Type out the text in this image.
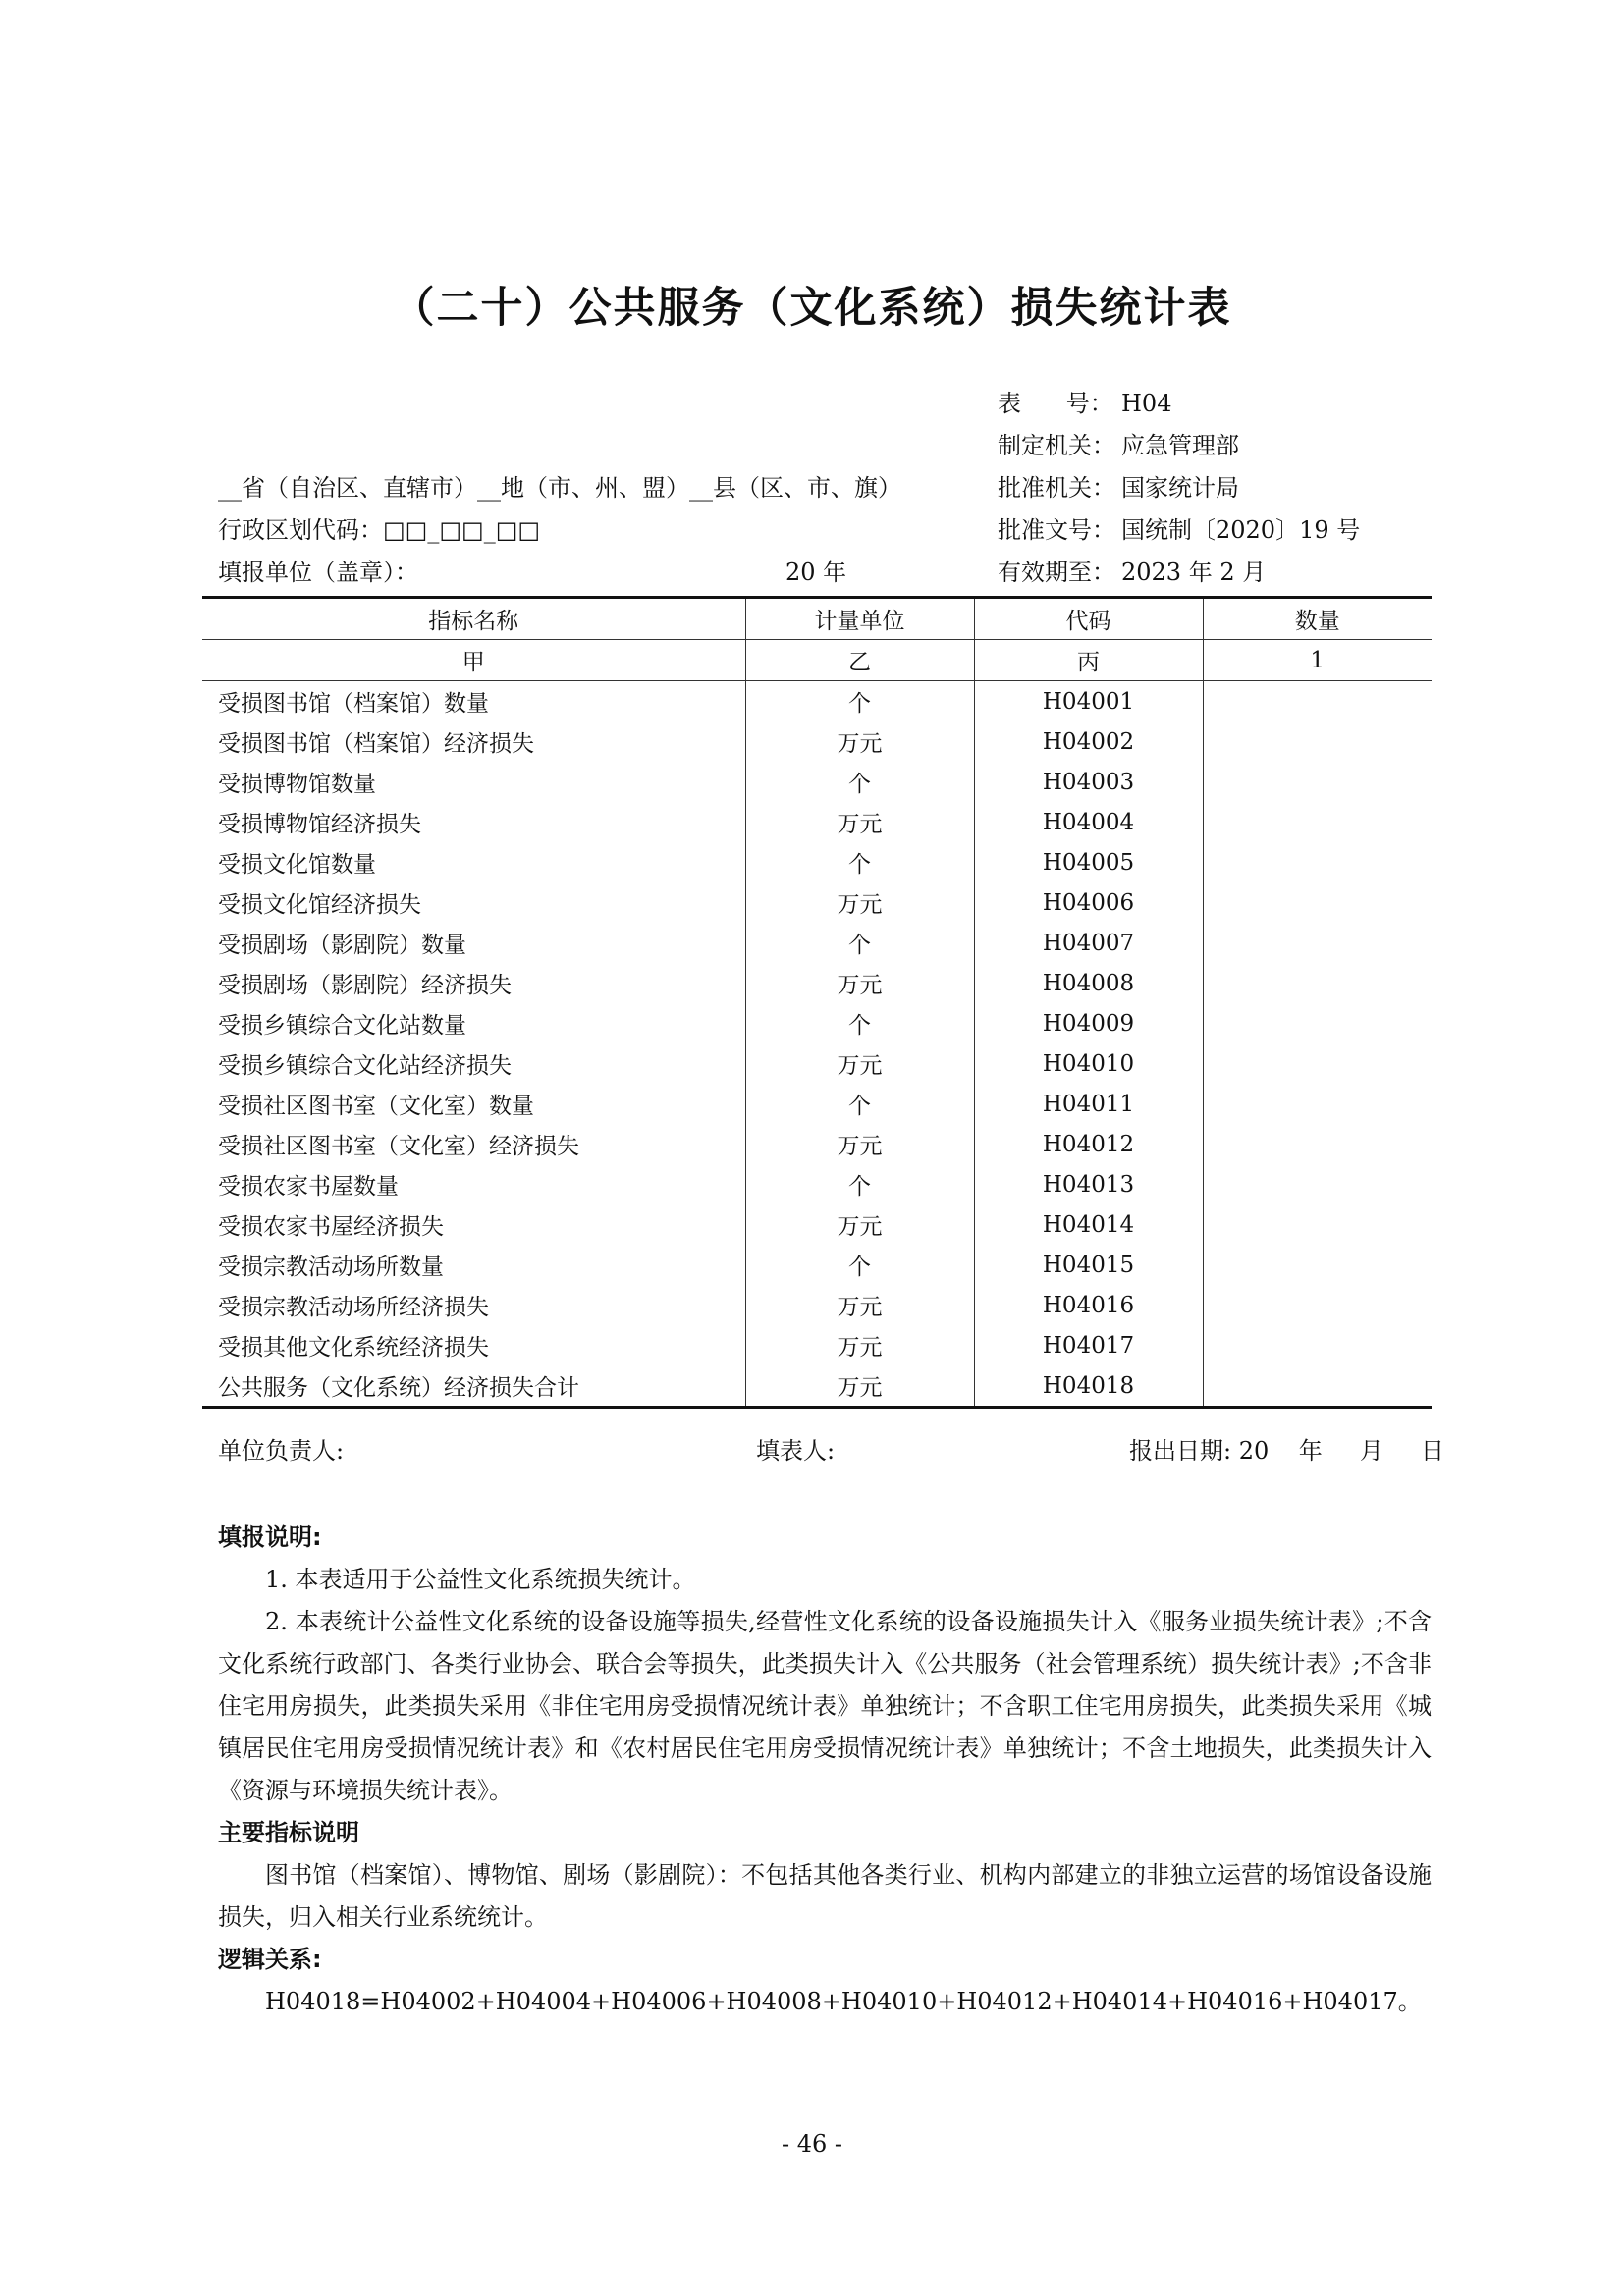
（二十）公共服务（文化系统）损失统计表
表      号： H04
制定机关： 应急管理部
批准机关： 国家统计局
批准文号： 国统制〔2020〕19 号
有效期至： 2023 年 2 月
__省（自治区、直辖市）__地（市、州、盟）__县（区、市、旗）
行政区划代码：□□_□□_□□
填报单位（盖章）：	20 年
指标名称	计量单位	代码	数量
甲	乙	丙	1
受损图书馆（档案馆）数量	个	H04001	
受损图书馆（档案馆）经济损失	万元	H04002	
受损博物馆数量	个	H04003	
受损博物馆经济损失	万元	H04004	
受损文化馆数量	个	H04005	
受损文化馆经济损失	万元	H04006	
受损剧场（影剧院）数量	个	H04007	
受损剧场（影剧院）经济损失	万元	H04008	
受损乡镇综合文化站数量	个	H04009	
受损乡镇综合文化站经济损失	万元	H04010	
受损社区图书室（文化室）数量	个	H04011	
受损社区图书室（文化室）经济损失	万元	H04012	
受损农家书屋数量	个	H04013	
受损农家书屋经济损失	万元	H04014	
受损宗教活动场所数量	个	H04015	
受损宗教活动场所经济损失	万元	H04016	
受损其他文化系统经济损失	万元	H04017	
公共服务（文化系统）经济损失合计	万元	H04018	
单位负责人:	填表人:	报出日期: 20    年     月     日
填报说明:
1. 本表适用于公益性文化系统损失统计。
2. 本表统计公益性文化系统的设备设施等损失,经营性文化系统的设备设施损失计入《服务业损失统计表》;不含文化系统行政部门、各类行业协会、联合会等损失，此类损失计入《公共服务（社会管理系统）损失统计表》;不含非住宅用房损失，此类损失采用《非住宅用房受损情况统计表》单独统计；不含职工住宅用房损失，此类损失采用《城镇居民住宅用房受损情况统计表》和《农村居民住宅用房受损情况统计表》单独统计；不含土地损失，此类损失计入《资源与环境损失统计表》。
主要指标说明
图书馆（档案馆）、博物馆、剧场（影剧院）：不包括其他各类行业、机构内部建立的非独立运营的场馆设备设施损失，归入相关行业系统统计。
逻辑关系:
H04018=H04002+H04004+H04006+H04008+H04010+H04012+H04014+H04016+H04017。
- 46 -
